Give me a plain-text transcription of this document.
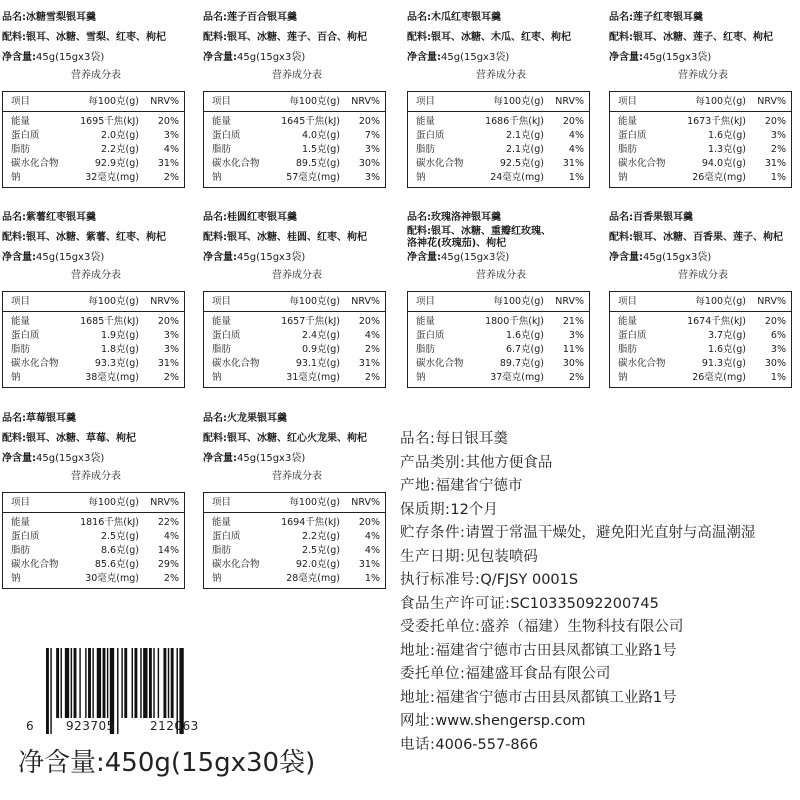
品名:冰糖雪梨银耳羹
配料:银耳、冰糖、雪梨、红枣、枸杞
净含量:45g(15gx3袋)
营养成分表
项目	每100克(g)	NRV%
能量	1695千焦(kJ)	20%
蛋白质	2.0克(g)	3%
脂肪	2.2克(g)	4%
碳水化合物	92.9克(g)	31%
钠	32毫克(mg)	2%
品名:莲子百合银耳羹
配料:银耳、冰糖、莲子、百合、枸杞
净含量:45g(15gx3袋)
营养成分表
项目	每100克(g)	NRV%
能量	1645千焦(kJ)	20%
蛋白质	4.0克(g)	7%
脂肪	1.5克(g)	3%
碳水化合物	89.5克(g)	30%
钠	57毫克(mg)	3%
品名:木瓜红枣银耳羹
配料:银耳、冰糖、木瓜、红枣、枸杞
净含量:45g(15gx3袋)
营养成分表
项目	每100克(g)	NRV%
能量	1686千焦(kJ)	20%
蛋白质	2.1克(g)	4%
脂肪	2.1克(g)	4%
碳水化合物	92.5克(g)	31%
钠	24毫克(mg)	1%
品名:莲子红枣银耳羹
配料:银耳、冰糖、莲子、红枣、枸杞
净含量:45g(15gx3袋)
营养成分表
项目	每100克(g)	NRV%
能量	1673千焦(kJ)	20%
蛋白质	1.6克(g)	3%
脂肪	1.3克(g)	2%
碳水化合物	94.0克(g)	31%
钠	26毫克(mg)	1%
品名:紫薯红枣银耳羹
配料:银耳、冰糖、紫薯、红枣、枸杞
净含量:45g(15gx3袋)
营养成分表
项目	每100克(g)	NRV%
能量	1685千焦(kJ)	20%
蛋白质	1.9克(g)	3%
脂肪	1.8克(g)	3%
碳水化合物	93.3克(g)	31%
钠	38毫克(mg)	2%
品名:桂圆红枣银耳羹
配料:银耳、冰糖、桂圆、红枣、枸杞
净含量:45g(15gx3袋)
营养成分表
项目	每100克(g)	NRV%
能量	1657千焦(kJ)	20%
蛋白质	2.4克(g)	4%
脂肪	0.9克(g)	2%
碳水化合物	93.1克(g)	31%
钠	31毫克(mg)	2%
品名:玫瑰洛神银耳羹
配料:银耳、冰糖、重瓣红玫瑰、洛神花(玫瑰茄)、枸杞
净含量:45g(15gx3袋)
营养成分表
项目	每100克(g)	NRV%
能量	1800千焦(kJ)	21%
蛋白质	1.6克(g)	3%
脂肪	6.7克(g)	11%
碳水化合物	89.7克(g)	30%
钠	37毫克(mg)	2%
品名:百香果银耳羹
配料:银耳、冰糖、百香果、莲子、枸杞
净含量:45g(15gx3袋)
营养成分表
项目	每100克(g)	NRV%
能量	1674千焦(kJ)	20%
蛋白质	3.7克(g)	6%
脂肪	1.6克(g)	3%
碳水化合物	91.3克(g)	30%
钠	26毫克(mg)	1%
品名:草莓银耳羹
配料:银耳、冰糖、草莓、枸杞
净含量:45g(15gx3袋)
营养成分表
项目	每100克(g)	NRV%
能量	1816千焦(kJ)	22%
蛋白质	2.5克(g)	4%
脂肪	8.6克(g)	14%
碳水化合物	85.6克(g)	29%
钠	30毫克(mg)	2%
品名:火龙果银耳羹
配料:银耳、冰糖、红心火龙果、枸杞
净含量:45g(15gx3袋)
营养成分表
项目	每100克(g)	NRV%
能量	1694千焦(kJ)	20%
蛋白质	2.2克(g)	4%
脂肪	2.5克(g)	4%
碳水化合物	92.0克(g)	31%
钠	28毫克(mg)	1%
品名:每日银耳羹
产品类别:其他方便食品
产地:福建省宁德市
保质期:12个月
贮存条件:请置于常温干燥处，避免阳光直射与高温潮湿
生产日期:见包装喷码
执行标准号:Q/FJSY 0001S
食品生产许可证:SC10335092200745
受委托单位:盛养（福建）生物科技有限公司
地址:福建省宁德市古田县凤都镇工业路1号
委托单位:福建盛耳食品有限公司
地址:福建省宁德市古田县凤都镇工业路1号
网址:www.shengersp.com
电话:4006-557-866
6	923705	212063
净含量:450g(15gx30袋)
